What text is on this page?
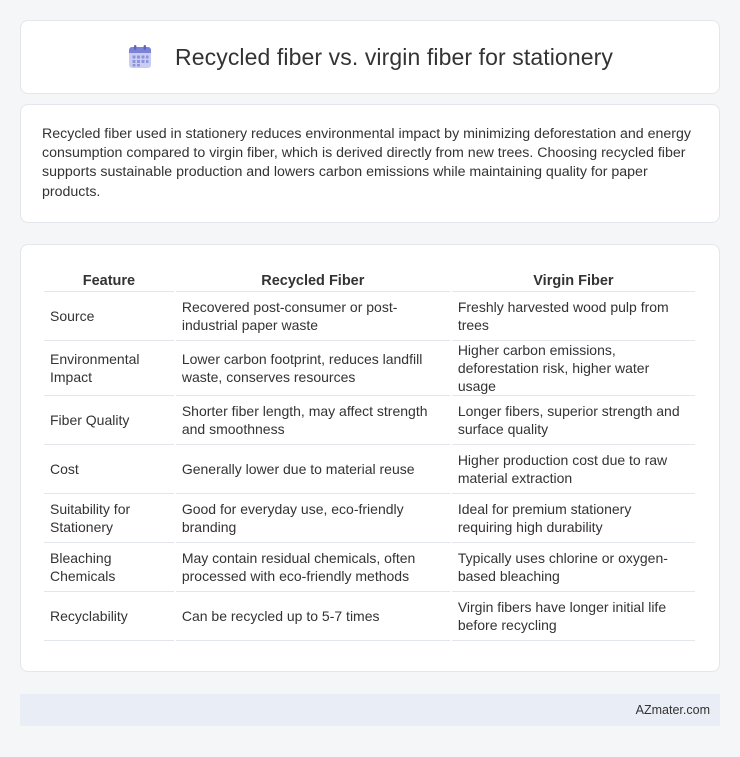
Recycled fiber vs. virgin fiber for stationery

Recycled fiber used in stationery reduces environmental impact by minimizing deforestation and energy consumption compared to virgin fiber, which is derived directly from new trees. Choosing recycled fiber supports sustainable production and lowers carbon emissions while maintaining quality for paper products.

Feature	Recycled Fiber	Virgin Fiber
Source	Recovered post-consumer or post-industrial paper waste	Freshly harvested wood pulp from trees
Environmental Impact	Lower carbon footprint, reduces landfill waste, conserves resources	Higher carbon emissions, deforestation risk, higher water usage
Fiber Quality	Shorter fiber length, may affect strength and smoothness	Longer fibers, superior strength and surface quality
Cost	Generally lower due to material reuse	Higher production cost due to raw material extraction
Suitability for Stationery	Good for everyday use, eco-friendly branding	Ideal for premium stationery requiring high durability
Bleaching Chemicals	May contain residual chemicals, often processed with eco-friendly methods	Typically uses chlorine or oxygen-based bleaching
Recyclability	Can be recycled up to 5-7 times	Virgin fibers have longer initial life before recycling
AZmater.com
